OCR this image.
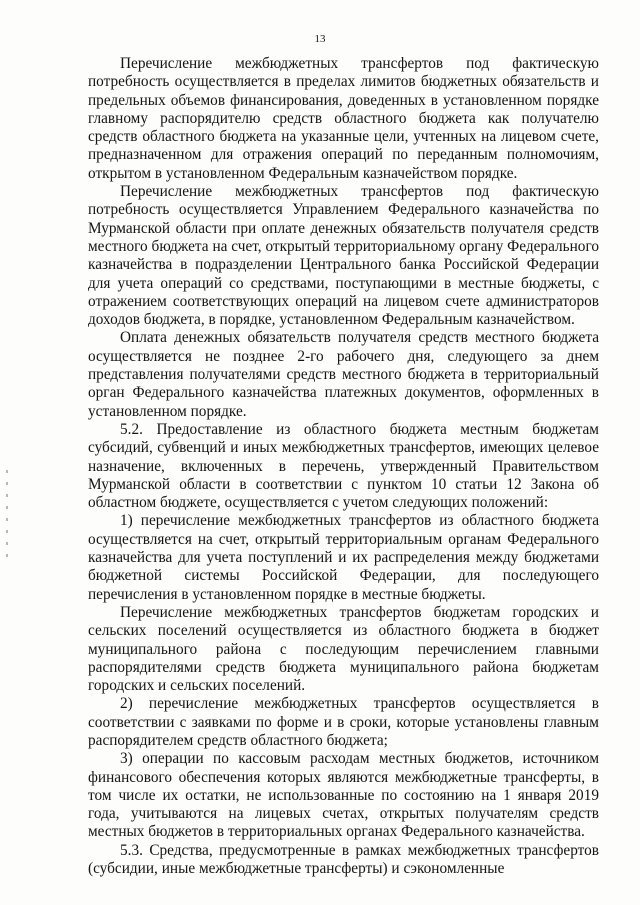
13

Перечисление межбюджетных трансфертов под фактическую потребность осуществляется в пределах лимитов бюджетных обязательств и предельных объемов финансирования, доведенных в установленном порядке главному распорядителю средств областного бюджета как получателю средств областного бюджета на указанные цели, учтенных на лицевом счете, предназначенном для отражения операций по переданным полномочиям, открытом в установленном Федеральным казначейством порядке.

Перечисление межбюджетных трансфертов под фактическую потребность осуществляется Управлением Федерального казначейства по Мурманской области при оплате денежных обязательств получателя средств местного бюджета на счет, открытый территориальному органу Федерального казначейства в подразделении Центрального банка Российской Федерации для учета операций со средствами, поступающими в местные бюджеты, с отражением соответствующих операций на лицевом счете администраторов доходов бюджета, в порядке, установленном Федеральным казначейством.

Оплата денежных обязательств получателя средств местного бюджета осуществляется не позднее 2-го рабочего дня, следующего за днем представления получателями средств местного бюджета в территориальный орган Федерального казначейства платежных документов, оформленных в установленном порядке.

5.2. Предоставление из областного бюджета местным бюджетам субсидий, субвенций и иных межбюджетных трансфертов, имеющих целевое назначение, включенных в перечень, утвержденный Правительством Мурманской области в соответствии с пунктом 10 статьи 12 Закона об областном бюджете, осуществляется с учетом следующих положений:

1) перечисление межбюджетных трансфертов из областного бюджета осуществляется на счет, открытый территориальным органам Федерального казначейства для учета поступлений и их распределения между бюджетами бюджетной системы Российской Федерации, для последующего перечисления в установленном порядке в местные бюджеты.

Перечисление межбюджетных трансфертов бюджетам городских и сельских поселений осуществляется из областного бюджета в бюджет муниципального района с последующим перечислением главными распорядителями средств бюджета муниципального района бюджетам городских и сельских поселений.

2) перечисление межбюджетных трансфертов осуществляется в соответствии с заявками по форме и в сроки, которые установлены главным распорядителем средств областного бюджета;

3) операции по кассовым расходам местных бюджетов, источником финансового обеспечения которых являются межбюджетные трансферты, в том числе их остатки, не использованные по состоянию на 1 января 2019 года, учитываются на лицевых счетах, открытых получателям средств местных бюджетов в территориальных органах Федерального казначейства.

5.3. Средства, предусмотренные в рамках межбюджетных трансфертов (субсидии, иные межбюджетные трансферты) и сэкономленные
